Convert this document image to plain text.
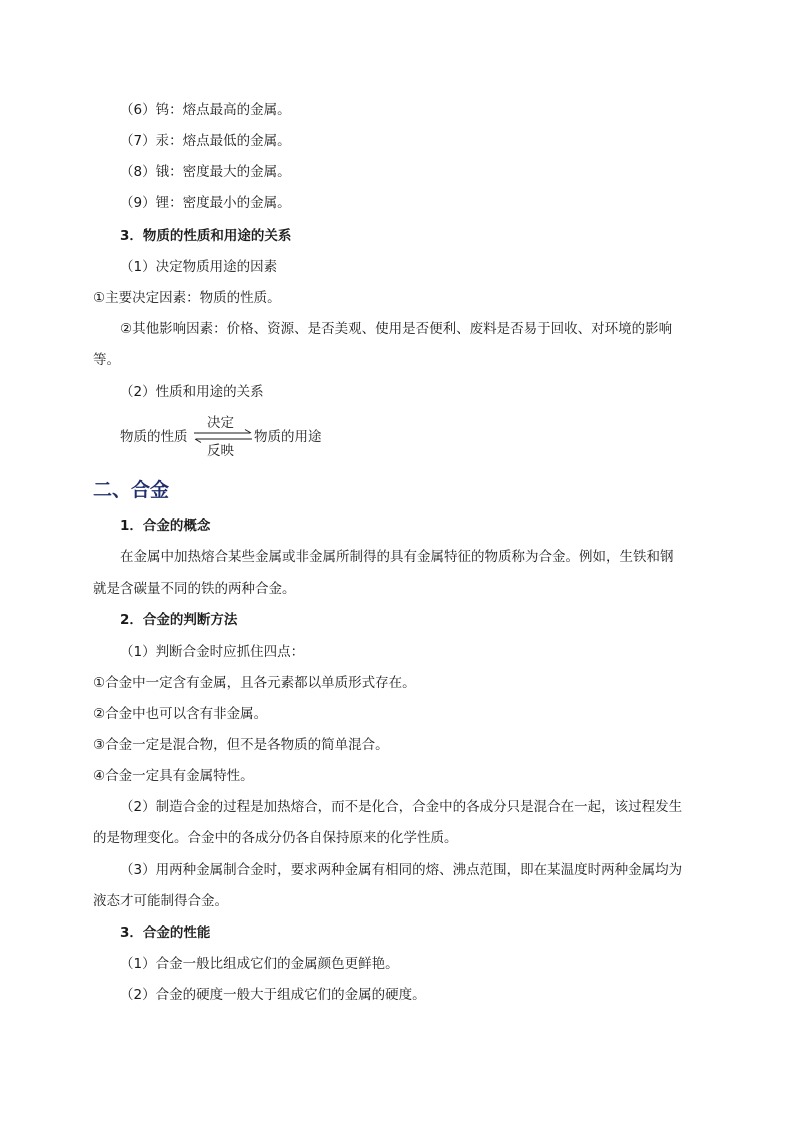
（6）钨：熔点最高的金属。
（7）汞：熔点最低的金属。
（8）锇：密度最大的金属。
（9）锂：密度最小的金属。
3．物质的性质和用途的关系
（1）决定物质用途的因素
①主要决定因素：物质的性质。
②其他影响因素：价格、资源、是否美观、使用是否便利、废料是否易于回收、对环境的影响
等。
（2）性质和用途的关系
物质的性质
决定
反映
物质的用途
二、合金
1．合金的概念
在金属中加热熔合某些金属或非金属所制得的具有金属特征的物质称为合金。例如，生铁和钢
就是含碳量不同的铁的两种合金。
2．合金的判断方法
（1）判断合金时应抓住四点：
①合金中一定含有金属，且各元素都以单质形式存在。
②合金中也可以含有非金属。
③合金一定是混合物，但不是各物质的简单混合。
④合金一定具有金属特性。
（2）制造合金的过程是加热熔合，而不是化合，合金中的各成分只是混合在一起，该过程发生
的是物理变化。合金中的各成分仍各自保持原来的化学性质。
（3）用两种金属制合金时，要求两种金属有相同的熔、沸点范围，即在某温度时两种金属均为
液态才可能制得合金。
3．合金的性能
（1）合金一般比组成它们的金属颜色更鲜艳。
（2）合金的硬度一般大于组成它们的金属的硬度。
